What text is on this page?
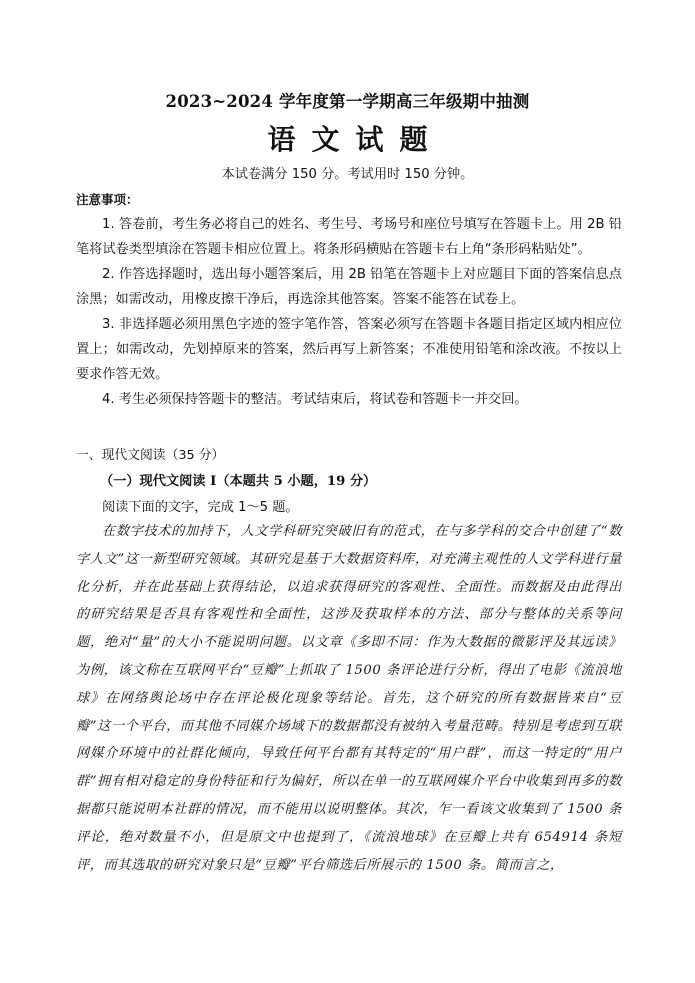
2023~2024 学年度第一学期高三年级期中抽测
语文试题
本试卷满分 150 分。考试用时 150 分钟。
注意事项：
1. 答卷前，考生务必将自己的姓名、考生号、考场号和座位号填写在答题卡上。用 2B 铅笔将试卷类型填涂在答题卡相应位置上。将条形码横贴在答题卡右上角“条形码粘贴处”。
2. 作答选择题时，选出每小题答案后，用 2B 铅笔在答题卡上对应题目下面的答案信息点涂黑；如需改动，用橡皮擦干净后，再选涂其他答案。答案不能答在试卷上。
3. 非选择题必须用黑色字迹的签字笔作答，答案必须写在答题卡各题目指定区域内相应位置上；如需改动，先划掉原来的答案，然后再写上新答案；不准使用铅笔和涂改液。不按以上要求作答无效。
4. 考生必须保持答题卡的整洁。考试结束后，将试卷和答题卡一并交回。
一、现代文阅读（35 分）
（一）现代文阅读 I（本题共 5 小题，19 分）
阅读下面的文字，完成 1～5 题。

在数字技术的加持下，人文学科研究突破旧有的范式，在与多学科的交合中创建了“数字人文”这一新型研究领域。其研究是基于大数据资料库，对充满主观性的人文学科进行量化分析，并在此基础上获得结论，以追求获得研究的客观性、全面性。而数据及由此得出的研究结果是否具有客观性和全面性，这涉及获取样本的方法、部分与整体的关系等问题，绝对“量”的大小不能说明问题。以文章《多即不同：作为大数据的微影评及其远读》为例，该文称在互联网平台“豆瓣”上抓取了 1500 条评论进行分析，得出了电影《流浪地球》在网络舆论场中存在评论极化现象等结论。首先，这个研究的所有数据皆来自“豆瓣”这一个平台，而其他不同媒介场域下的数据都没有被纳入考量范畴。特别是考虑到互联网媒介环境中的社群化倾向，导致任何平台都有其特定的“用户群”，而这一特定的“用户群”拥有相对稳定的身份特征和行为偏好，所以在单一的互联网媒介平台中收集到再多的数据都只能说明本社群的情况，而不能用以说明整体。其次，乍一看该文收集到了 1500 条评论，绝对数量不小，但是原文中也提到了，《流浪地球》在豆瓣上共有 654914 条短评，而其选取的研究对象只是“豆瓣”平台筛选后所展示的 1500 条。简而言之，
